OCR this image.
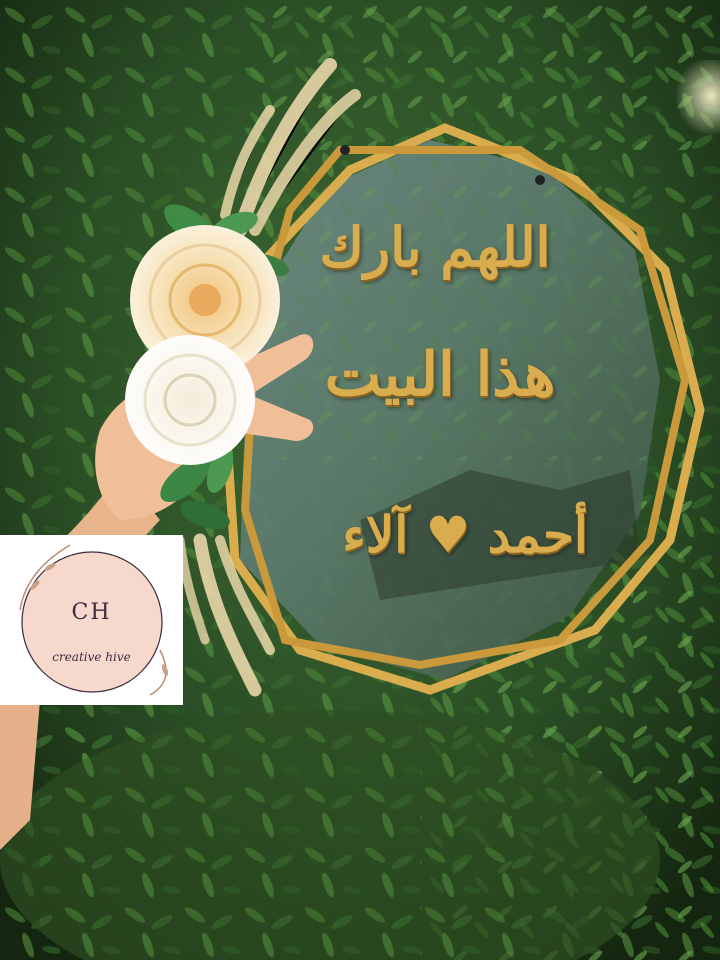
اللهم بارك
هذا البيت
أحمد ♥ آلاء
CH
creative hive
